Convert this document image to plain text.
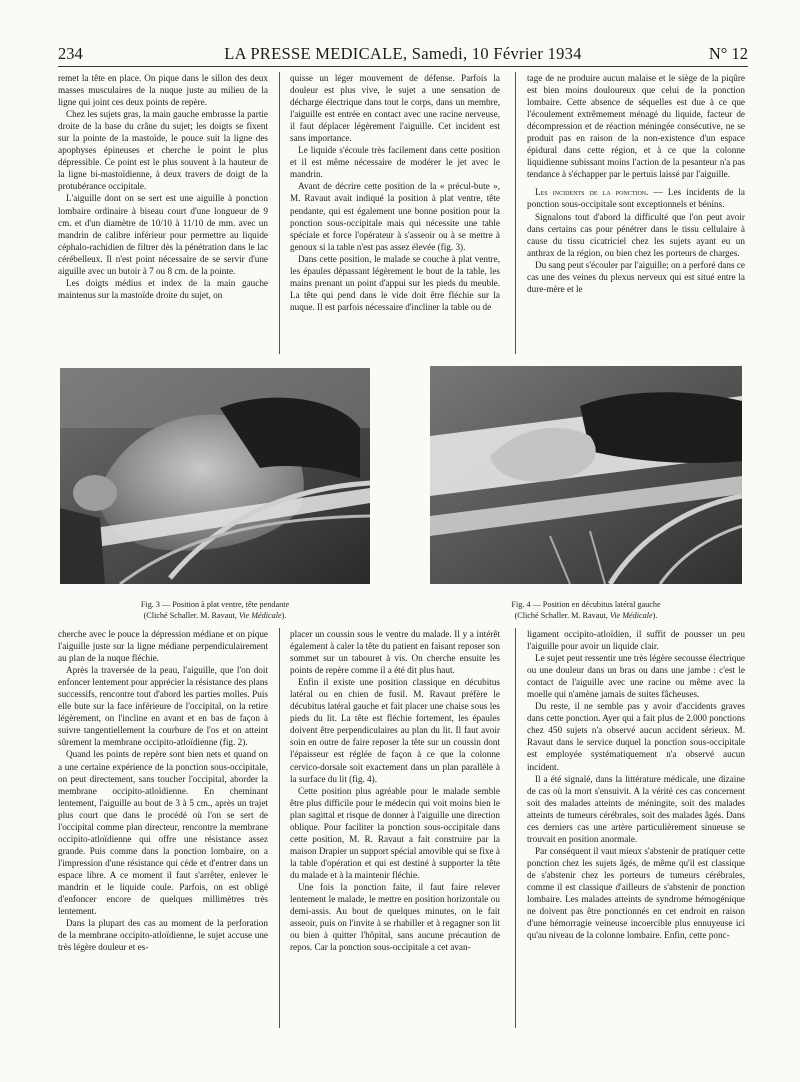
234	LA PRESSE MEDICALE, Samedi, 10 Février 1934	N° 12

remet la tête en place. On pique dans le sillon des deux masses musculaires de la nuque juste au milieu de la ligne qui joint ces deux points de repère.

Chez les sujets gras, la main gauche embrasse la partie droite de la base du crâne du sujet; les doigts se fixent sur la pointe de la mastoïde, le pouce suit la ligne des apophyses épineuses et cherche le point le plus dépressible. Ce point est le plus souvent à la hauteur de la ligne bi-mastoïdienne, à deux travers de doigt de la protubérance occipitale.

L'aiguille dont on se sert est une aiguille à ponction lombaire ordinaire à biseau court d'une longueur de 9 cm. et d'un diamètre de 10/10 à 11/10 de mm. avec un mandrin de calibre inférieur pour permettre au liquide céphalo-rachidien de filtrer dès la pénétration dans le lac cérébelleux. Il n'est point nécessaire de se servir d'une aiguille avec un butoir à 7 ou 8 cm. de la pointe.

Les doigts médius et index de la main gauche maintenus sur la mastoïde droite du sujet, on

quisse un léger mouvement de défense. Parfois la douleur est plus vive, le sujet a une sensation de décharge électrique dans tout le corps, dans un membre, l'aiguille est entrée en contact avec une racine nerveuse, il faut déplacer légèrement l'aiguille. Cet incident est sans importance.

Le liquide s'écoule très facilement dans cette position et il est même nécessaire de modérer le jet avec le mandrin.

Avant de décrire cette position de la « précul-bute », M. Ravaut avait indiqué la position à plat ventre, tête pendante, qui est également une bonne position pour la ponction sous-occipitale mais qui nécessite une table spéciale et force l'opérateur à s'asseoir ou à se mettre à genoux si la table n'est pas assez élevée (fig. 3).

Dans cette position, le malade se couche à plat ventre, les épaules dépassant légèrement le bout de la table, les mains prenant un point d'appui sur les pieds du meuble. La tête qui pend dans le vide doit être fléchie sur la nuque. Il est parfois nécessaire d'incliner la table ou de

tage de ne produire aucun malaise et le siège de la piqûre est bien moins douloureux que celui de la ponction lombaire. Cette absence de séquelles est due à ce que l'écoulement extrêmement ménagé du liquide, facteur de décompression et de réaction méningée consécutive, ne se produit pas en raison de la non-existence d'un espace épidural dans cette région, et à ce que la colonne liquidienne subissant moins l'action de la pesanteur n'a pas tendance à s'échapper par le pertuis laissé par l'aiguille.

Les incidents de la ponction. — Les incidents de la ponction sous-occipitale sont exceptionnels et bénins.

Signalons tout d'abord la difficulté que l'on peut avoir dans certains cas pour pénétrer dans le tissu cellulaire à cause du tissu cicatriciel chez les sujets ayant eu un anthrax de la région, ou bien chez les porteurs de charges.

Du sang peut s'écouler par l'aiguille; on a perforé dans ce cas une des veines du plexus nerveux qui est situé entre la dure-mère et le

Fig. 3 — Position à plat ventre, tête pendante
(Cliché Schaller. M. Ravaut, Vie Médicale).
Fig. 4 — Position en décubitus latéral gauche
(Cliché Schaller. M. Ravaut, Vie Médicale).

cherche avec le pouce la dépression médiane et on pique l'aiguille juste sur la ligne médiane perpendiculairement au plan de la nuque fléchie.

Après la traversée de la peau, l'aiguille, que l'on doit enfoncer lentement pour apprécier la résistance des plans successifs, rencontre tout d'abord les parties molles. Puis elle bute sur la face inférieure de l'occipital, on la retire légèrement, on l'incline en avant et en bas de façon à suivre tangentiellement la courbure de l'os et on atteint sûrement la membrane occipito-atloïdienne (fig. 2).

Quand les points de repère sont bien nets et quand on a une certaine expérience de la ponction sous-occipitale, on peut directement, sans toucher l'occipital, aborder la membrane occipito-atloïdienne. En cheminant lentement, l'aiguille au bout de 3 à 5 cm., après un trajet plus court que dans le procédé où l'on se sert de l'occipital comme plan directeur, rencontre la membrane occipito-atloïdienne qui offre une résistance assez grande. Puis comme dans la ponction lombaire, on a l'impression d'une résistance qui cède et d'entrer dans un espace libre. A ce moment il faut s'arrêter, enlever le mandrin et le liquide coule. Parfois, on est obligé d'enfoncer encore de quelques millimètres très lentement.

Dans la plupart des cas au moment de la perforation de la membrane occipito-atloïdienne, le sujet accuse une très légère douleur et es-

placer un coussin sous le ventre du malade. Il y a intérêt également à caler la tête du patient en faisant reposer son sommet sur un tabouret à vis. On cherche ensuite les points de repère comme il a été dit plus haut.

Enfin il existe une position classique en décubitus latéral ou en chien de fusil. M. Ravaut préfère le décubitus latéral gauche et fait placer une chaise sous les pieds du lit. La tête est fléchie fortement, les épaules doivent être perpendiculaires au plan du lit. Il faut avoir soin en outre de faire reposer la tête sur un coussin dont l'épaisseur est réglée de façon à ce que la colonne cervico-dorsale soit exactement dans un plan parallèle à la surface du lit (fig. 4).

Cette position plus agréable pour le malade semble être plus difficile pour le médecin qui voit moins bien le plan sagittal et risque de donner à l'aiguille une direction oblique. Pour faciliter la ponction sous-occipitale dans cette position, M. R. Ravaut a fait construire par la maison Drapier un support spécial amovible qui se fixe à la table d'opération et qui est destiné à supporter la tête du malade et à la maintenir fléchie.

Une fois la ponction faite, il faut faire relever lentement le malade, le mettre en position horizontale ou demi-assis. Au bout de quelques minutes, on le fait asseoir, puis on l'invite à se rhabiller et à regagner son lit ou bien à quitter l'hôpital, sans aucune précaution de repos. Car la ponction sous-occipitale a cet avan-

ligament occipito-atloïdien, il suffit de pousser un peu l'aiguille pour avoir un liquide clair.

Le sujet peut ressentir une très légère secousse électrique ou une douleur dans un bras ou dans une jambe : c'est le contact de l'aiguille avec une racine ou même avec la moelle qui n'amène jamais de suites fâcheuses.

Du reste, il ne semble pas y avoir d'accidents graves dans cette ponction. Ayer qui a fait plus de 2.000 ponctions chez 450 sujets n'a observé aucun accident sérieux. M. Ravaut dans le service duquel la ponction sous-occipitale est employée systématiquement n'a observé aucun incident.

Il a été signalé, dans la littérature médicale, une dizaine de cas où la mort s'ensuivit. A la vérité ces cas concernent soit des malades atteints de méningite, soit des malades atteints de tumeurs cérébrales, soit des malades âgés. Dans ces derniers cas une artère particulièrement sinueuse se trouvait en position anormale.

Par conséquent il vaut mieux s'abstenir de pratiquer cette ponction chez les sujets âgés, de même qu'il est classique de s'abstenir chez les porteurs de tumeurs cérébrales, comme il est classique d'ailleurs de s'abstenir de ponction lombaire. Les malades atteints de syndrome hémogénique ne doivent pas être ponctionnés en cet endroit en raison d'une hémorragie veineuse incoercible plus ennuyeuse ici qu'au niveau de la colonne lombaire. Enfin, cette ponc-
